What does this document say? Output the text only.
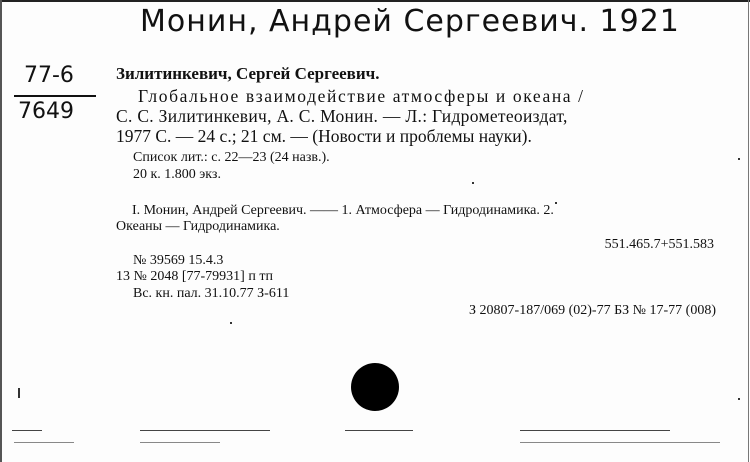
Монин, Андрей Сергеевич. 1921
77-6
7649
Зилитинкевич, Сергей Сергеевич.
Глобальное взаимодействие атмосферы и океана /
С. С. Зилитинкевич, А. С. Монин. — Л.: Гидрометеоиздат,
1977 С. — 24 с.; 21 см. — (Новости и проблемы науки).
Список лит.: с. 22—23 (24 назв.).
20 к. 1.800 экз.
I. Монин, Андрей Сергеевич. —— 1. Атмосфера — Гидродинамика. 2.
Океаны — Гидродинамика.
551.465.7+551.583
№ 39569 15.4.3
13 № 2048 [77-79931] п тп
Вс. кн. пал. 31.10.77 З-611
З 20807-187/069 (02)-77 БЗ № 17-77 (008)
